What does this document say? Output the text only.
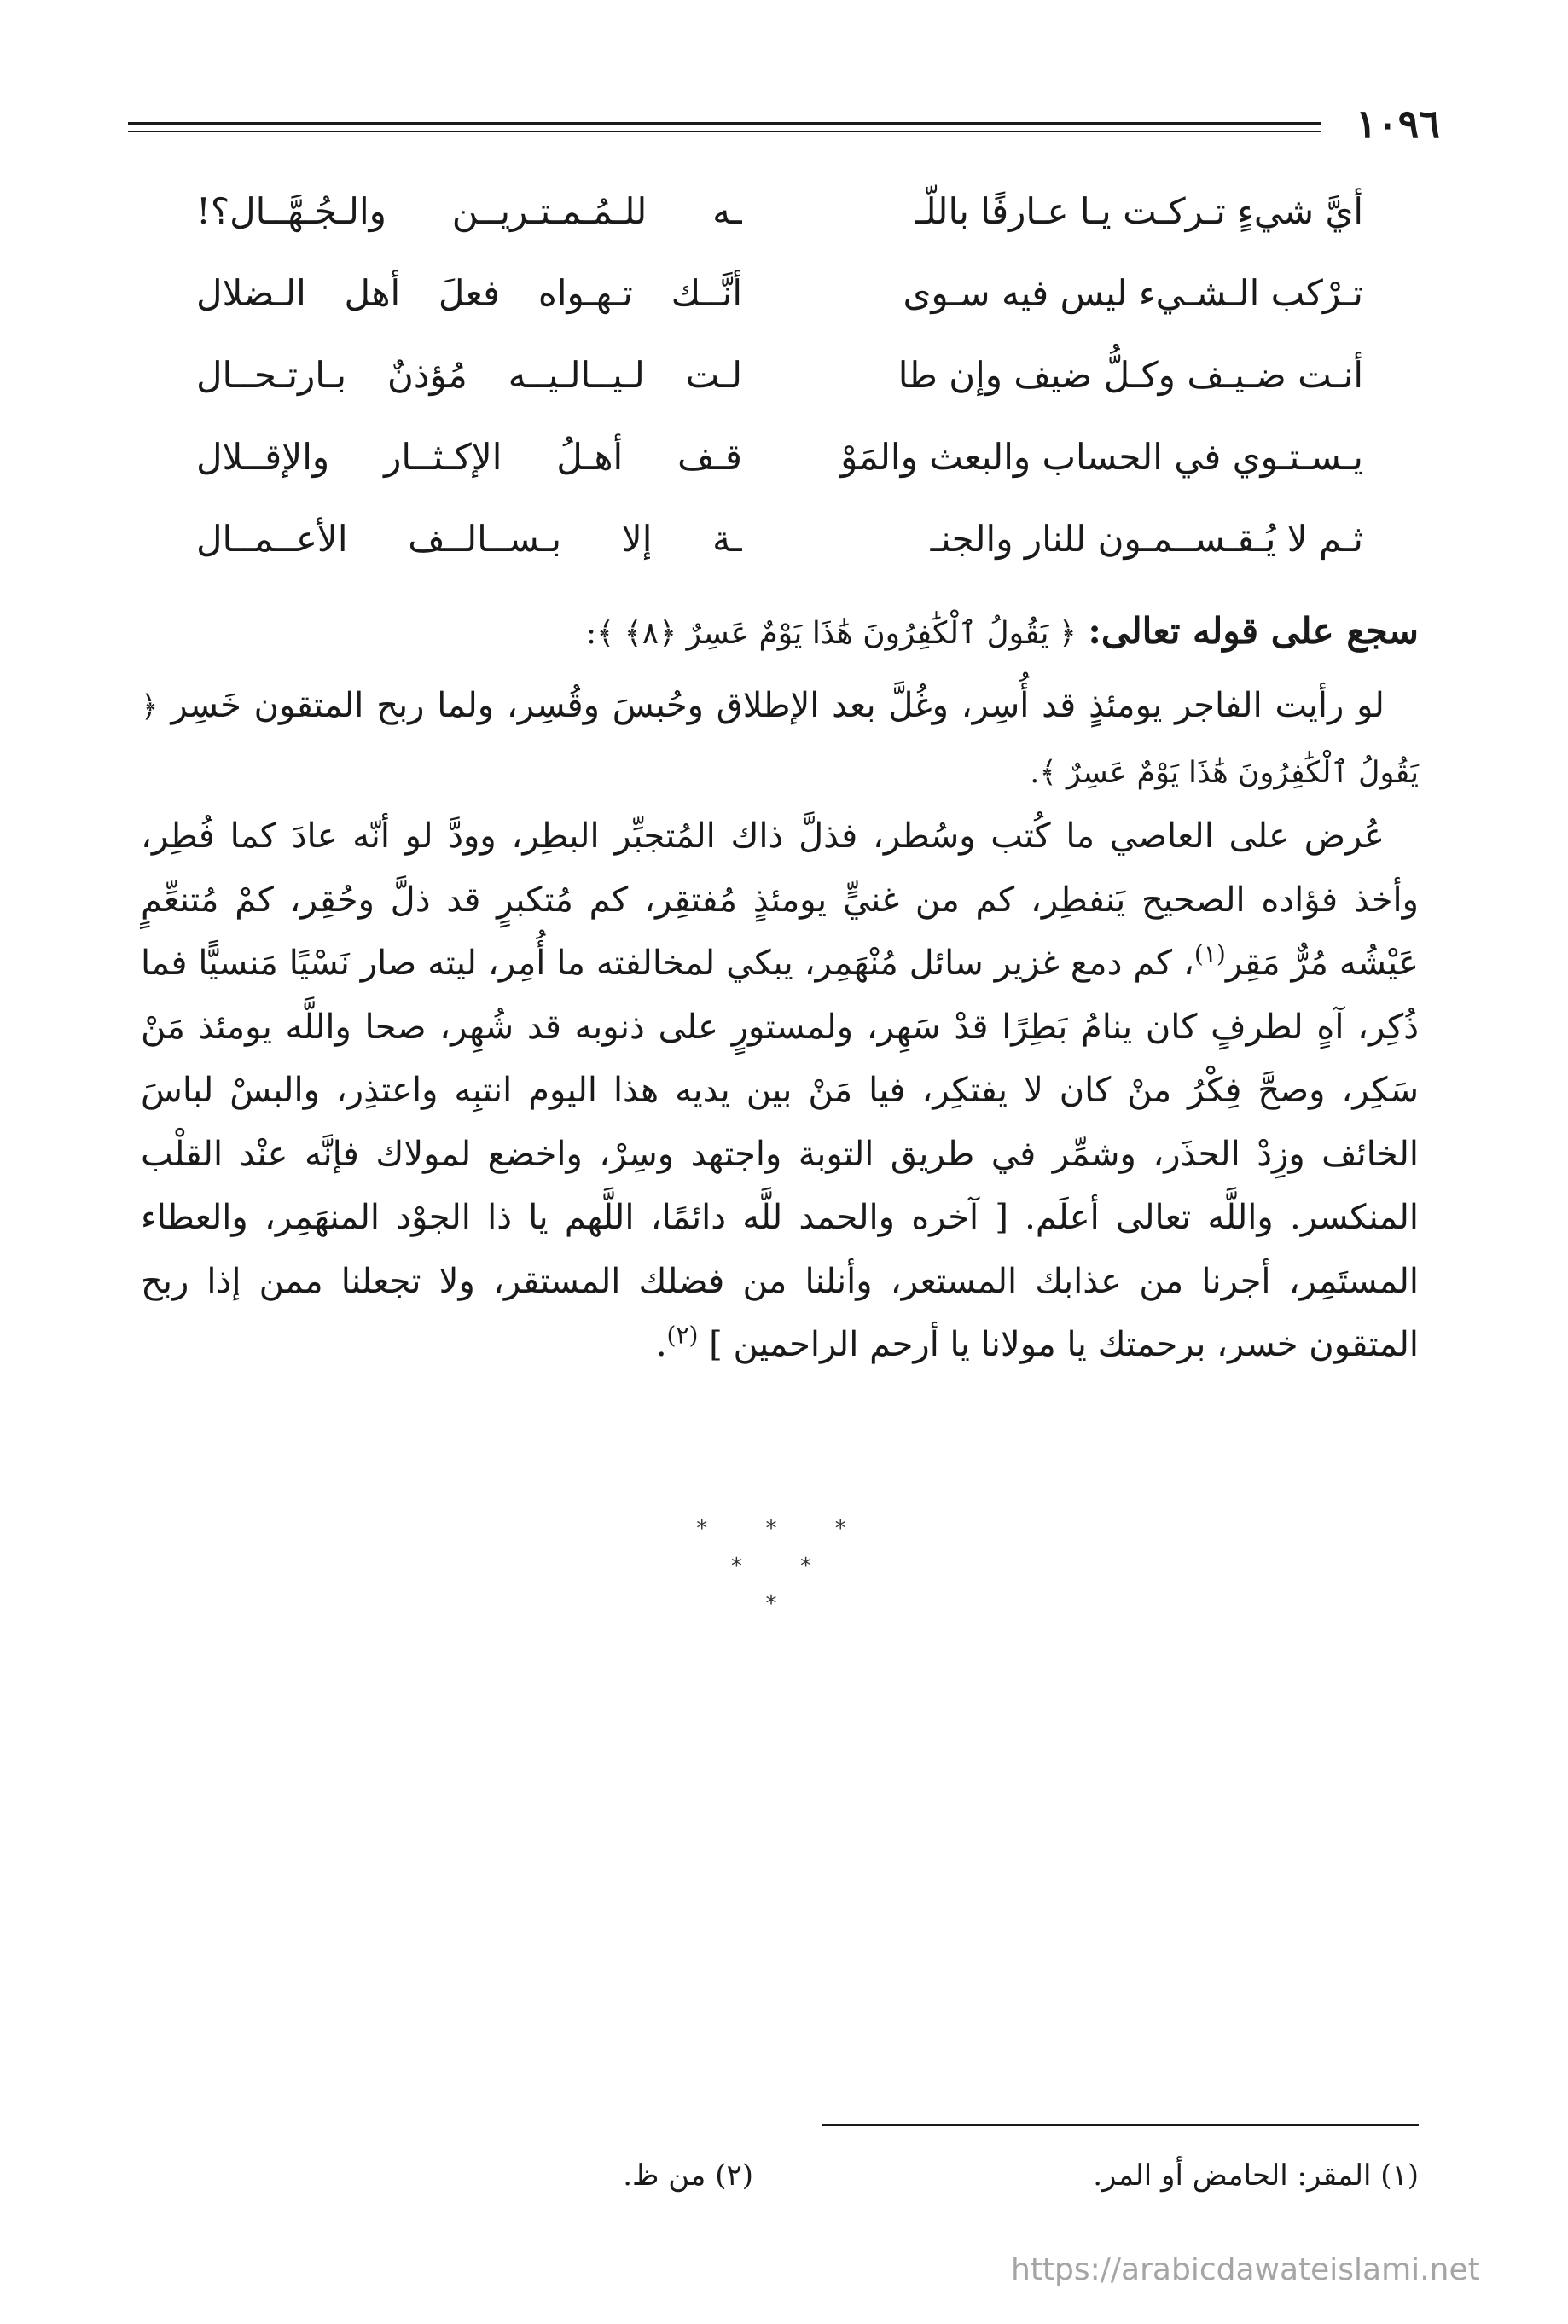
١٠٩٦
أيَّ شيءٍ تـركـت يـا عـارفًا باللّـ
ـه للـمُـمـتـريــن والـجُـهَّــال؟!
تـرْكب الـشـيء ليس فيه سـوى
أنَّــك تـهـواه فعلَ أهل الـضلال
أنـت ضـيـف وكـلُّ ضيف وإن طا
لـت لـيــالـيــه مُؤذنٌ بـارتـحــال
يـسـتـوي في الحساب والبعث والمَوْ
قـف أهـلُ الإكـثــار والإقــلال
ثـم لا يُـقـســمـون للنار والجنـ
ـة إلا بـســالــف الأعــمــال
سجع على قوله تعالى: ﴿ يَقُولُ ٱلْكَٰفِرُونَ هَٰذَا يَوْمٌ عَسِرٌ ﴿٨﴾ ﴾:

لو رأيت الفاجر يومئذٍ قد أُسِر، وغُلَّ بعد الإطلاق وحُبسَ وقُسِر، ولما ربح المتقون خَسِر ﴿ يَقُولُ ٱلْكَٰفِرُونَ هَٰذَا يَوْمٌ عَسِرٌ ﴾.

عُرض على العاصي ما كُتب وسُطر، فذلَّ ذاك المُتجبِّر البطِر، وودَّ لو أنّه عادَ كما فُطِر، وأخذ فؤاده الصحيح يَنفطِر، كم من غنيٍّ يومئذٍ مُفتقِر، كم مُتكبرٍ قد ذلَّ وحُقِر، كمْ مُتنعِّمٍ عَيْشُه مُرٌّ مَقِر$^{(١)}$، كم دمع غزير سائل مُنْهَمِر، يبكي لمخالفته ما أُمِر، ليته صار نَسْيًا مَنسيًّا فما ذُكِر، آهٍ لطرفٍ كان ينامُ بَطِرًا قدْ سَهِر، ولمستورٍ على ذنوبه قد شُهِر، صحا واللَّه يومئذ مَنْ سَكِر، وصحَّ فِكْرُ منْ كان لا يفتكِر، فيا مَنْ بين يديه هذا اليوم انتبِه واعتذِر، والبسْ لباسَ الخائف وزِدْ الحذَر، وشمِّر في طريق التوبة واجتهد وسِرْ، واخضع لمولاك فإنَّه عنْد القلْب المنكسر. واللَّه تعالى أعلَم. [ آخره والحمد للَّه دائمًا، اللَّهم يا ذا الجوْد المنهَمِر، والعطاء المستَمِر، أجرنا من عذابك المستعر، وأنلنا من فضلك المستقر، ولا تجعلنا ممن إذا ربح المتقون خسر، برحمتك يا مولانا يا أرحم الراحمين ] $^{(٢)}$.

* * *
* *
*
(١) المقر: الحامض أو المر.
(٢) من ظ.
https://arabicdawateislami.net
